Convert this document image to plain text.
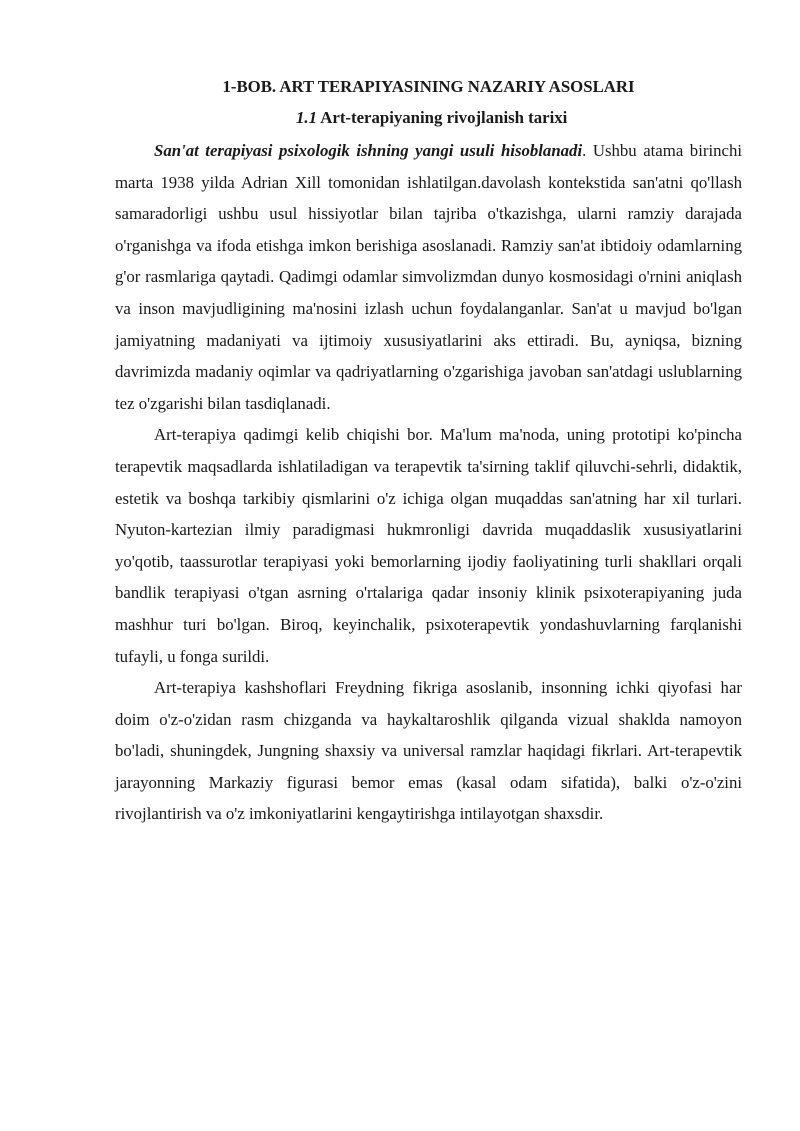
1-BOB. ART TERAPIYASINING NAZARIY ASOSLARI

1.1 Art-terapiyaning rivojlanish tarixi

San'at terapiyasi psixologik ishning yangi usuli hisoblanadi. Ushbu atama birinchi marta 1938 yilda Adrian Xill tomonidan ishlatilgan.davolash kontekstida san'atni qo'llash samaradorligi ushbu usul hissiyotlar bilan tajriba o'tkazishga, ularni ramziy darajada o'rganishga va ifoda etishga imkon berishiga asoslanadi. Ramziy san'at ibtidoiy odamlarning g'or rasmlariga qaytadi. Qadimgi odamlar simvolizmdan dunyo kosmosidagi o'rnini aniqlash va inson mavjudligining ma'nosini izlash uchun foydalanganlar. San'at u mavjud bo'lgan jamiyatning madaniyati va ijtimoiy xususiyatlarini aks ettiradi. Bu, ayniqsa, bizning davrimizda madaniy oqimlar va qadriyatlarning o'zgarishiga javoban san'atdagi uslublarning tez o'zgarishi bilan tasdiqlanadi.

Art-terapiya qadimgi kelib chiqishi bor. Ma'lum ma'noda, uning prototipi ko'pincha terapevtik maqsadlarda ishlatiladigan va terapevtik ta'sirning taklif qiluvchi-sehrli, didaktik, estetik va boshqa tarkibiy qismlarini o'z ichiga olgan muqaddas san'atning har xil turlari. Nyuton-kartezian ilmiy paradigmasi hukmronligi davrida muqaddaslik xususiyatlarini yo'qotib, taassurotlar terapiyasi yoki bemorlarning ijodiy faoliyatining turli shakllari orqali bandlik terapiyasi o'tgan asrning o'rtalariga qadar insoniy klinik psixoterapiyaning juda mashhur turi bo'lgan. Biroq, keyinchalik, psixoterapevtik yondashuvlarning farqlanishi tufayli, u fonga surildi.

Art-terapiya kashshoflari Freydning fikriga asoslanib, insonning ichki qiyofasi har doim o'z-o'zidan rasm chizganda va haykaltaroshlik qilganda vizual shaklda namoyon bo'ladi, shuningdek, Jungning shaxsiy va universal ramzlar haqidagi fikrlari. Art-terapevtik jarayonning Markaziy figurasi bemor emas (kasal odam sifatida), balki o'z-o'zini rivojlantirish va o'z imkoniyatlarini kengaytirishga intilayotgan shaxsdir.
